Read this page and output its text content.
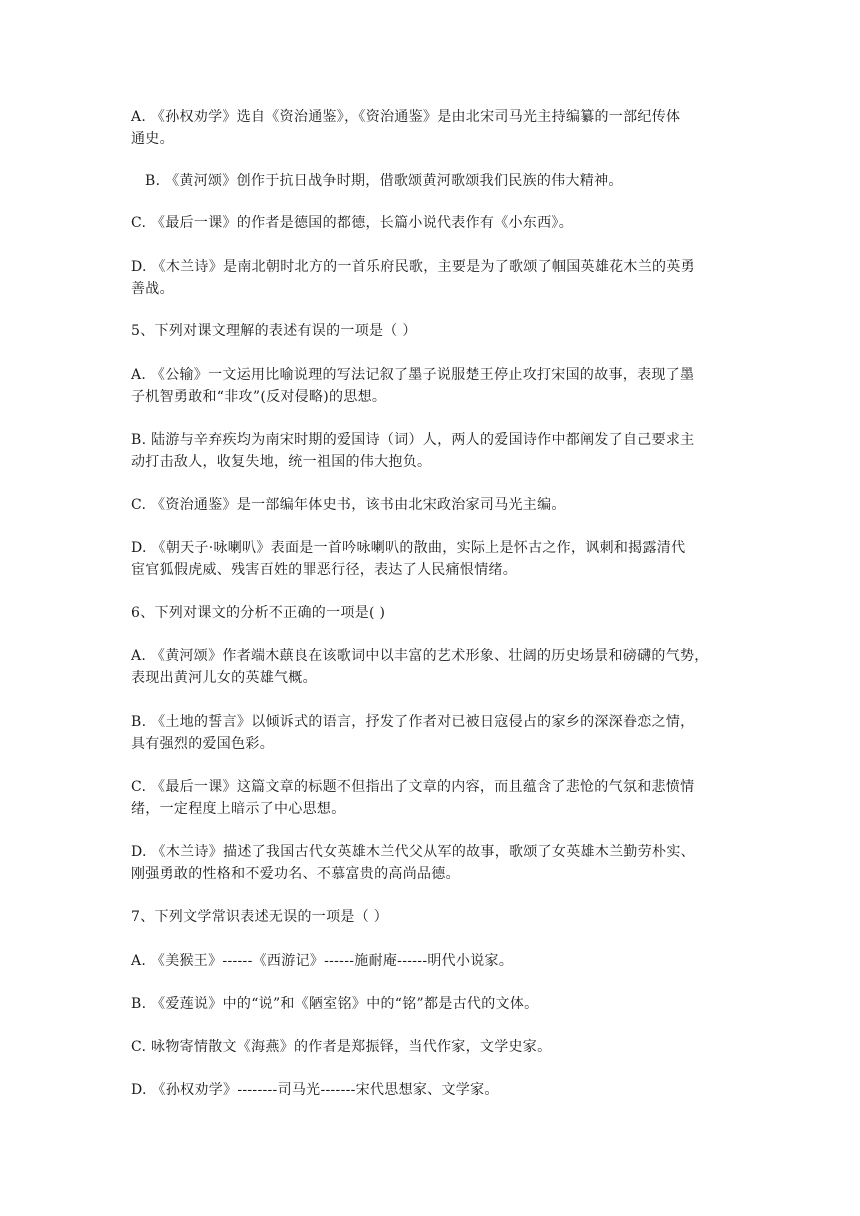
A. 《孙权劝学》选自《资治通鉴》，《资治通鉴》是由北宋司马光主持编纂的一部纪传体
通史。
B. 《黄河颂》创作于抗日战争时期，借歌颂黄河歌颂我们民族的伟大精神。
C. 《最后一课》的作者是德国的都德，长篇小说代表作有《小东西》。
D. 《木兰诗》是南北朝时北方的一首乐府民歌，主要是为了歌颂了帼国英雄花木兰的英勇
善战。
5、下列对课文理解的表述有误的一项是（ ）
A. 《公输》一文运用比喻说理的写法记叙了墨子说服楚王停止攻打宋国的故事，表现了墨
子机智勇敢和“非攻”(反对侵略)的思想。
B. 陆游与辛弃疾均为南宋时期的爱国诗（词）人，两人的爱国诗作中都阐发了自己要求主
动打击敌人，收复失地，统一祖国的伟大抱负。
C. 《资治通鉴》是一部编年体史书，该书由北宋政治家司马光主编。
D. 《朝天子·咏喇叭》表面是一首吟咏喇叭的散曲，实际上是怀古之作，讽刺和揭露清代
宦官狐假虎威、残害百姓的罪恶行径，表达了人民痛恨情绪。
6、下列对课文的分析不正确的一项是( )
A. 《黄河颂》作者端木蕻良在该歌词中以丰富的艺术形象、壮阔的历史场景和磅礴的气势，
表现出黄河儿女的英雄气概。
B. 《土地的誓言》以倾诉式的语言，抒发了作者对已被日寇侵占的家乡的深深眷恋之情，
具有强烈的爱国色彩。
C. 《最后一课》这篇文章的标题不但指出了文章的内容，而且蕴含了悲怆的气氛和悲愤情
绪，一定程度上暗示了中心思想。
D. 《木兰诗》描述了我国古代女英雄木兰代父从军的故事，歌颂了女英雄木兰勤劳朴实、
刚强勇敢的性格和不爱功名、不慕富贵的高尚品德。
7、下列文学常识表述无误的一项是（ ）
A. 《美猴王》------《西游记》------施耐庵------明代小说家。
B. 《爱莲说》中的“说”和《陋室铭》中的“铭”都是古代的文体。
C. 咏物寄情散文《海燕》的作者是郑振铎，当代作家，文学史家。
D. 《孙权劝学》--------司马光-------宋代思想家、文学家。
